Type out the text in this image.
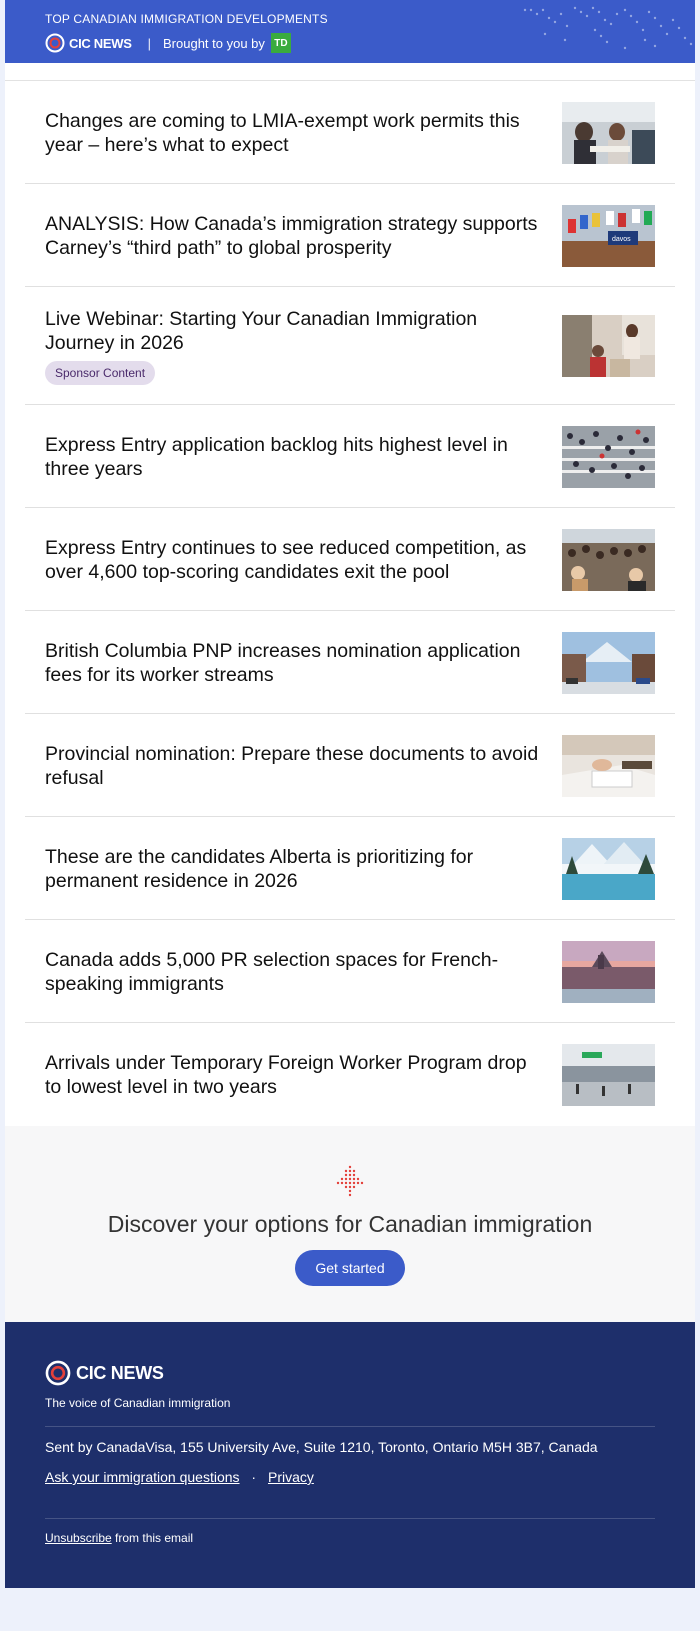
TOP CANADIAN IMMIGRATION DEVELOPMENTS
CIC NEWS | Brought to you by TD
Changes are coming to LMIA-exempt work permits this year – here’s what to expect
ANALYSIS: How Canada’s immigration strategy supports Carney’s “third path” to global prosperity	davos
Live Webinar: Starting Your Canadian Immigration Journey in 2026
Sponsor Content
Express Entry application backlog hits highest level in three years
Express Entry continues to see reduced competition, as over 4,600 top-scoring candidates exit the pool
British Columbia PNP increases nomination application fees for its worker streams
Provincial nomination: Prepare these documents to avoid refusal
These are the candidates Alberta is prioritizing for permanent residence in 2026
Canada adds 5,000 PR selection spaces for French-speaking immigrants
Arrivals under Temporary Foreign Worker Program drop to lowest level in two years
Discover your options for Canadian immigration
Get started
CIC NEWS
The voice of Canadian immigration
Sent by CanadaVisa, 155 University Ave, Suite 1210, Toronto, Ontario M5H 3B7, Canada
Ask your immigration questions · Privacy
Unsubscribe from this email
